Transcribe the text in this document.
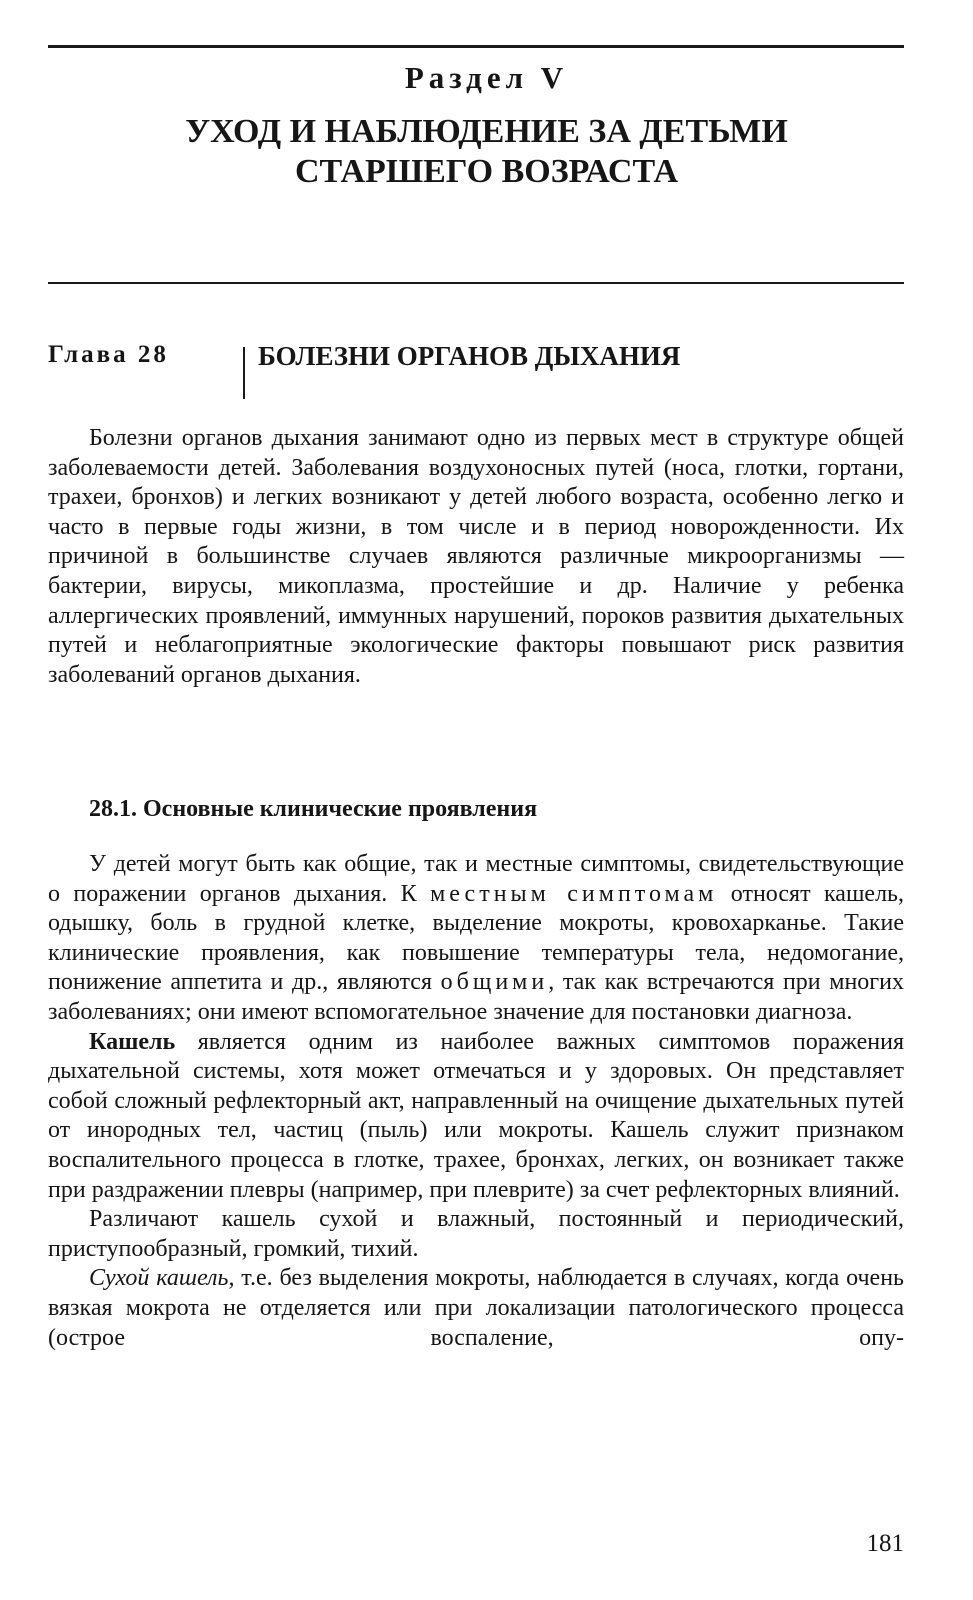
Раздел V
УХОД И НАБЛЮДЕНИЕ ЗА ДЕТЬМИ
СТАРШЕГО ВОЗРАСТА
Глава 28	БОЛЕЗНИ ОРГАНОВ ДЫХАНИЯ

Болезни органов дыхания занимают одно из первых мест в структуре общей заболеваемости детей. Заболевания воздухоносных путей (носа, глотки, гортани, трахеи, бронхов) и легких возникают у детей любого возраста, особенно легко и часто в первые годы жизни, в том числе и в период новорожденности. Их причиной в большинстве случаев являются различные микроорганизмы — бактерии, вирусы, микоплазма, простейшие и др. Наличие у ребенка аллергических проявлений, иммунных нарушений, пороков развития дыхательных путей и неблагоприятные экологические факторы повышают риск развития заболеваний органов дыхания.

28.1. Основные клинические проявления

У детей могут быть как общие, так и местные симптомы, свидетельствующие о поражении органов дыхания. К местным симптомам относят кашель, одышку, боль в грудной клетке, выделение мокроты, кровохарканье. Такие клинические проявления, как повышение температуры тела, недомогание, понижение аппетита и др., являются общими, так как встречаются при многих заболеваниях; они имеют вспомогательное значение для постановки диагноза.

Кашель является одним из наиболее важных симптомов поражения дыхательной системы, хотя может отмечаться и у здоровых. Он представляет собой сложный рефлекторный акт, направленный на очищение дыхательных путей от инородных тел, частиц (пыль) или мокроты. Кашель служит признаком воспалительного процесса в глотке, трахее, бронхах, легких, он возникает также при раздражении плевры (например, при плеврите) за счет рефлекторных влияний.

Различают кашель сухой и влажный, постоянный и периодический, приступообразный, громкий, тихий.

Сухой кашель, т.е. без выделения мокроты, наблюдается в случаях, когда очень вязкая мокрота не отделяется или при локализации патологического процесса (острое воспаление, опу-

181
